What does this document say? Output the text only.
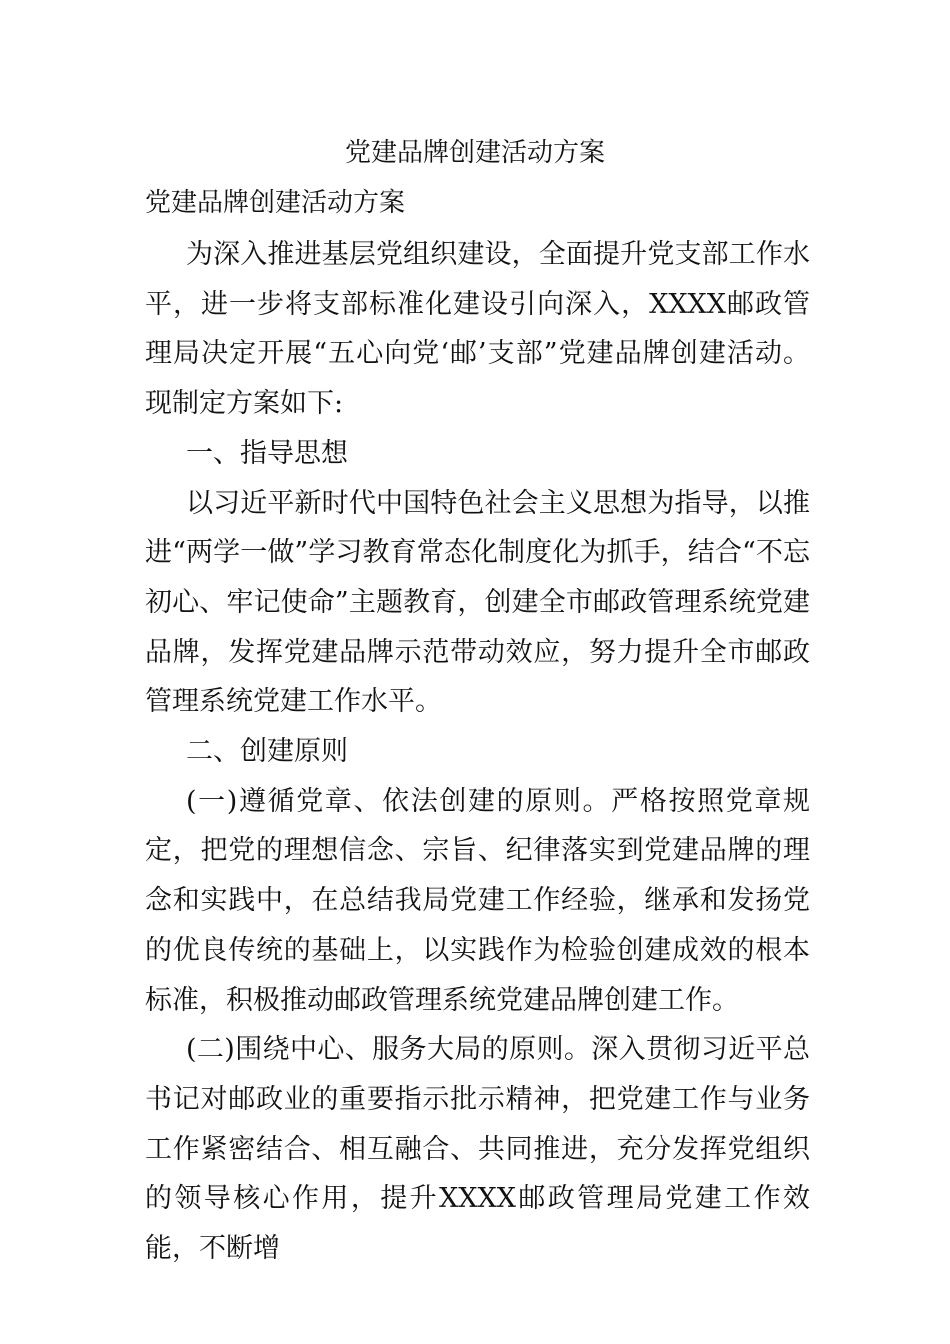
党建品牌创建活动方案
党建品牌创建活动方案

为深入推进基层党组织建设，全面提升党支部工作水平，进一步将支部标准化建设引向深入，XXXX邮政管理局决定开展“五心向党‘邮’支部”党建品牌创建活动。现制定方案如下:

一、指导思想

以习近平新时代中国特色社会主义思想为指导，以推进“两学一做”学习教育常态化制度化为抓手，结合“不忘初心、牢记使命”主题教育，创建全市邮政管理系统党建品牌，发挥党建品牌示范带动效应，努力提升全市邮政管理系统党建工作水平。

二、创建原则

(一)遵循党章、依法创建的原则。严格按照党章规定，把党的理想信念、宗旨、纪律落实到党建品牌的理念和实践中，在总结我局党建工作经验，继承和发扬党的优良传统的基础上，以实践作为检验创建成效的根本标准，积极推动邮政管理系统党建品牌创建工作。

(二)围绕中心、服务大局的原则。深入贯彻习近平总书记对邮政业的重要指示批示精神，把党建工作与业务工作紧密结合、相互融合、共同推进，充分发挥党组织的领导核心作用，提升XXXX邮政管理局党建工作效能，不断增
